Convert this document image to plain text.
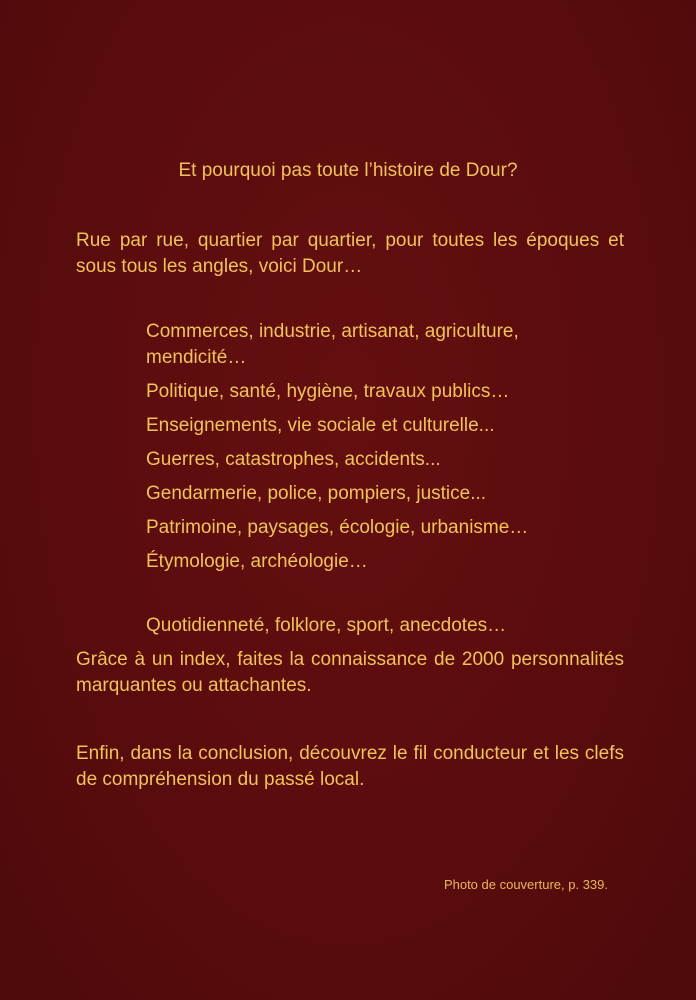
Et pourquoi pas toute l’histoire de Dour?
Rue par rue, quartier par quartier, pour toutes les époques et sous tous les angles, voici Dour…
Commerces, industrie, artisanat, agriculture, mendicité…
Politique, santé, hygiène, travaux publics…
Enseignements, vie sociale et culturelle...
Guerres, catastrophes, accidents...
Gendarmerie, police, pompiers, justice...
Patrimoine, paysages, écologie, urbanisme…
Étymologie, archéologie…
Quotidienneté, folklore, sport, anecdotes…
Grâce à un index, faites la connaissance de 2000 personnalités marquantes ou attachantes.
Enfin, dans la conclusion, découvrez le fil conducteur et les clefs de compréhension du passé local.
Photo de couverture, p. 339.
